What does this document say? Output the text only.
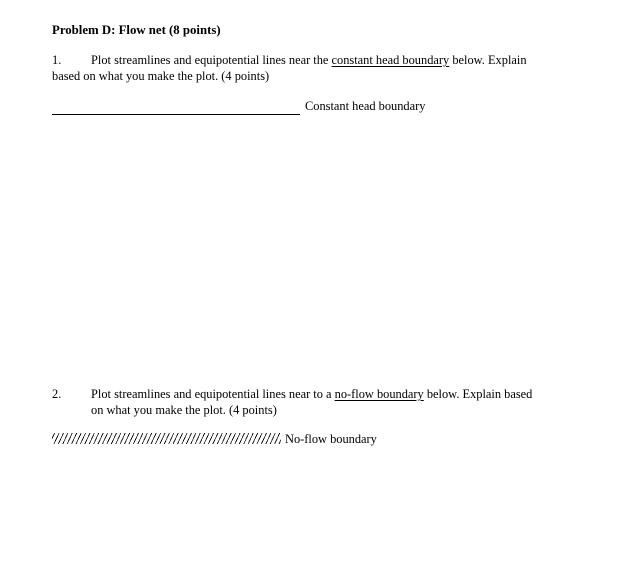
Problem D: Flow net (8 points)
1. Plot streamlines and equipotential lines near the constant head boundary below. Explain
based on what you make the plot. (4 points)
Constant head boundary
2. Plot streamlines and equipotential lines near to a no-flow boundary below. Explain based
on what you make the plot. (4 points)
No-flow boundary
